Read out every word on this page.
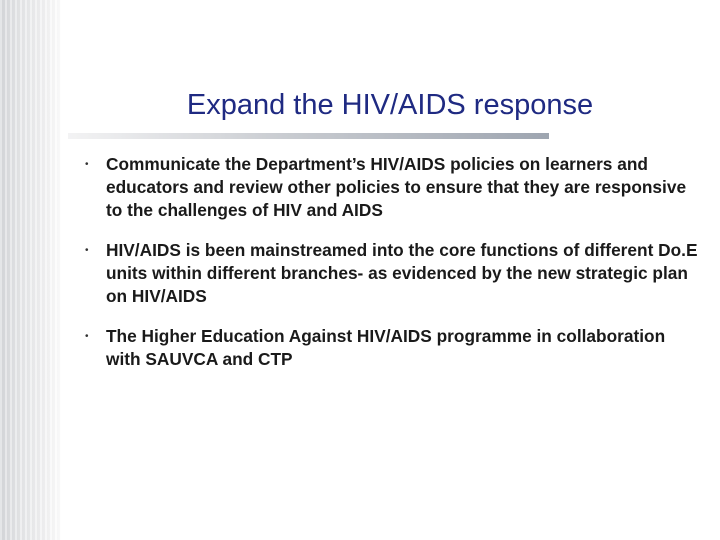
Expand the HIV/AIDS response
• Communicate the Department’s HIV/AIDS policies on learners and educators and review other policies to ensure that they are responsive to the challenges of HIV and AIDS
• HIV/AIDS is been mainstreamed into the core functions of different Do.E units within different branches- as evidenced by the new strategic plan on HIV/AIDS
• The Higher Education Against HIV/AIDS programme in collaboration with SAUVCA and CTP
